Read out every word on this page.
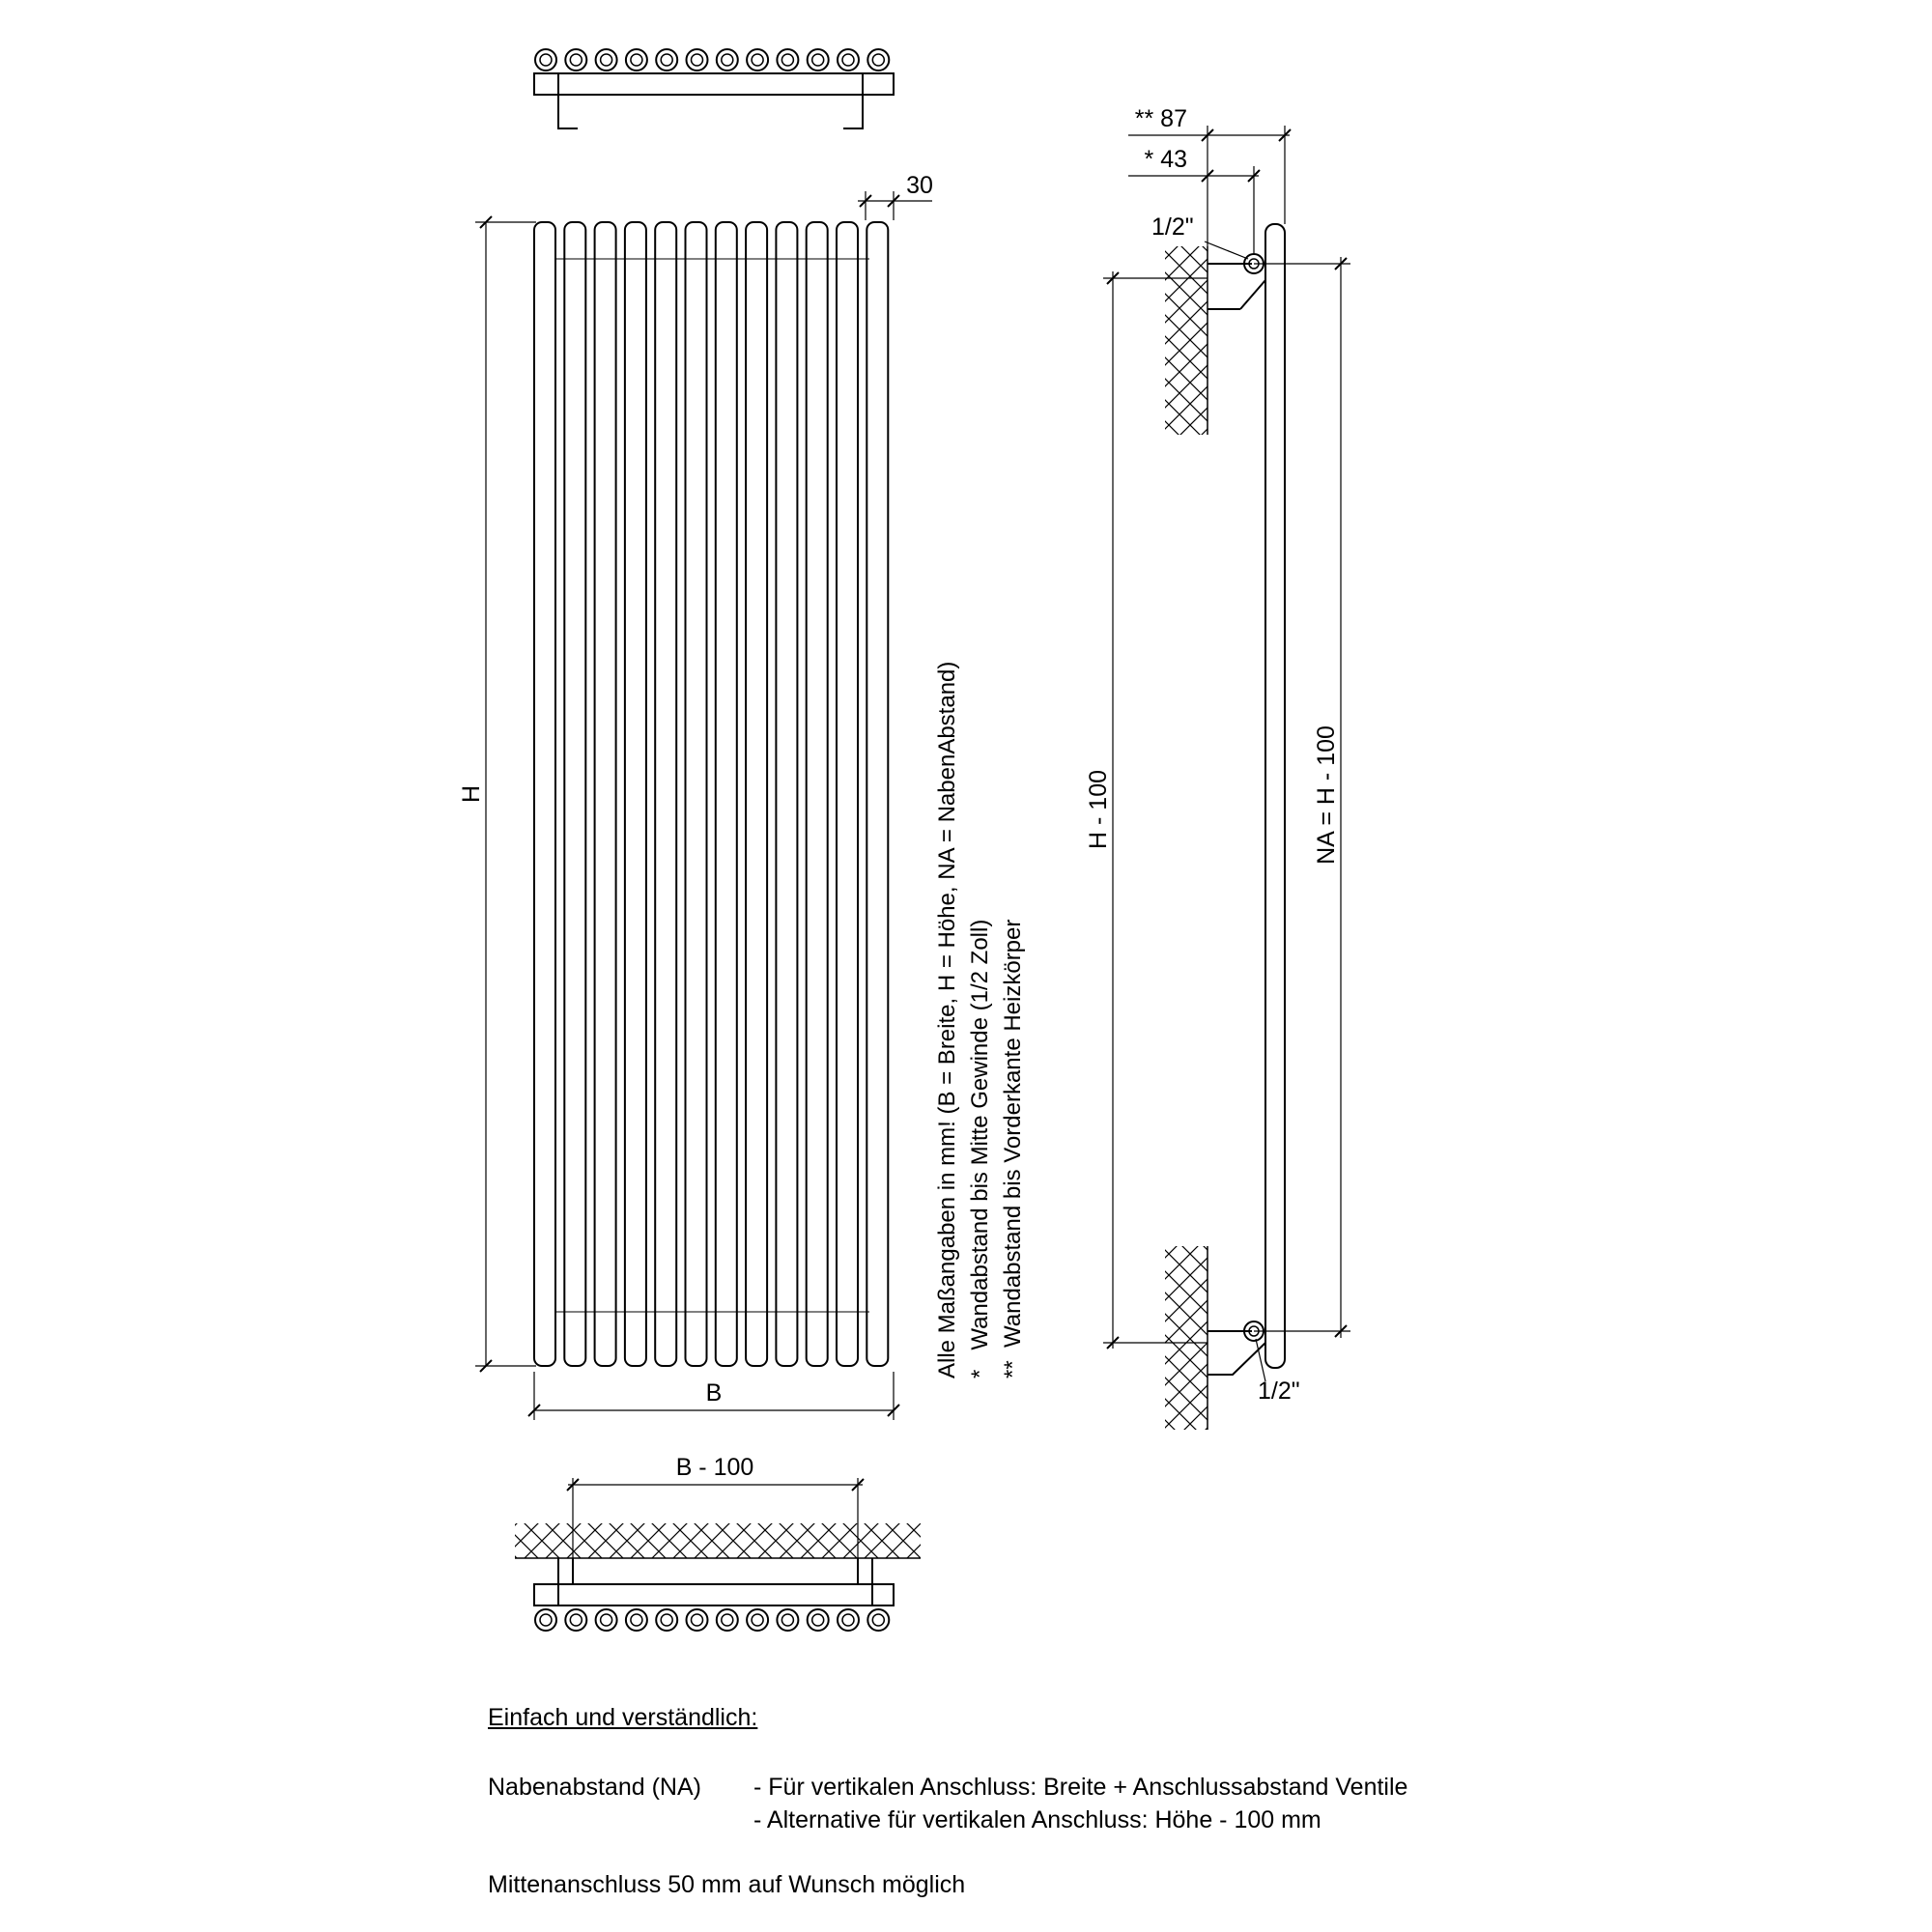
H
B
30
Alle Maßangaben in mm! (B = Breite, H = Höhe, NA = NabenAbstand) *   Wandabstand bis Mitte Gewinde (1/2 Zoll) **  Wandabstand bis Vorderkante Heizkörper
B - 100
H - 100	NA = H - 100
** 87
* 43
1/2"
1/2"
Einfach und verständlich:
Nabenabstand (NA) - Für vertikalen Anschluss: Breite + Anschlussabstand Ventile
- Alternative für vertikalen Anschluss: Höhe - 100 mm
Mittenanschluss 50 mm auf Wunsch möglich
